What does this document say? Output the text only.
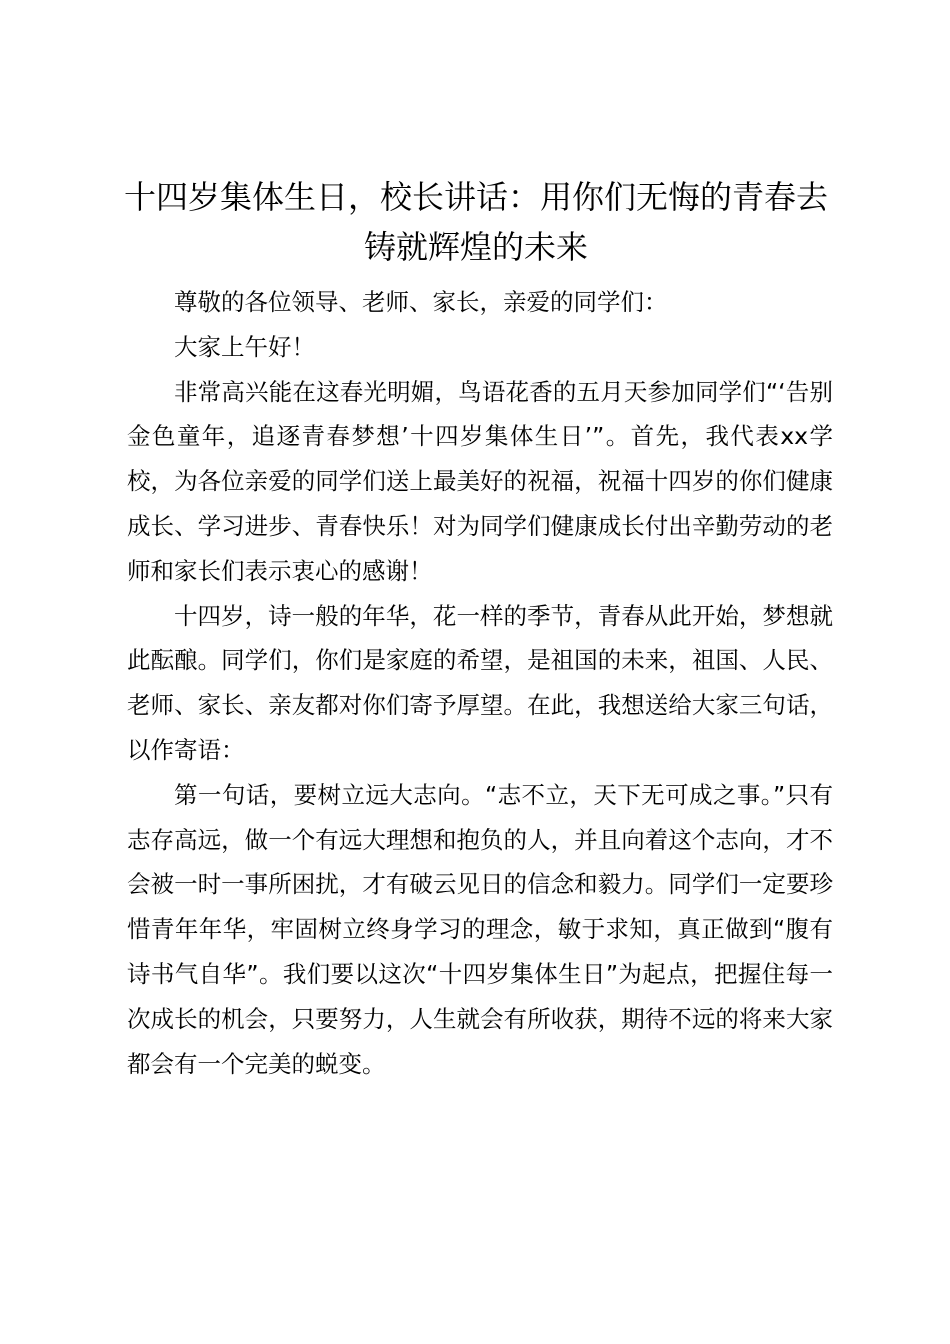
十四岁集体生日，校长讲话：用你们无悔的青春去铸就辉煌的未来

尊敬的各位领导、老师、家长，亲爱的同学们：

大家上午好！

非常高兴能在这春光明媚，鸟语花香的五月天参加同学们“‘告别金色童年，追逐青春梦想’十四岁集体生日’”。首先，我代表xx学校，为各位亲爱的同学们送上最美好的祝福，祝福十四岁的你们健康成长、学习进步、青春快乐！对为同学们健康成长付出辛勤劳动的老师和家长们表示衷心的感谢！

十四岁，诗一般的年华，花一样的季节，青春从此开始，梦想就此酝酿。同学们，你们是家庭的希望，是祖国的未来，祖国、人民、老师、家长、亲友都对你们寄予厚望。在此，我想送给大家三句话，以作寄语：

第一句话，要树立远大志向。“志不立，天下无可成之事。”只有志存高远，做一个有远大理想和抱负的人，并且向着这个志向，才不会被一时一事所困扰，才有破云见日的信念和毅力。同学们一定要珍惜青年年华，牢固树立终身学习的理念，敏于求知，真正做到“腹有诗书气自华”。我们要以这次“十四岁集体生日”为起点，把握住每一次成长的机会，只要努力，人生就会有所收获，期待不远的将来大家都会有一个完美的蜕变。
